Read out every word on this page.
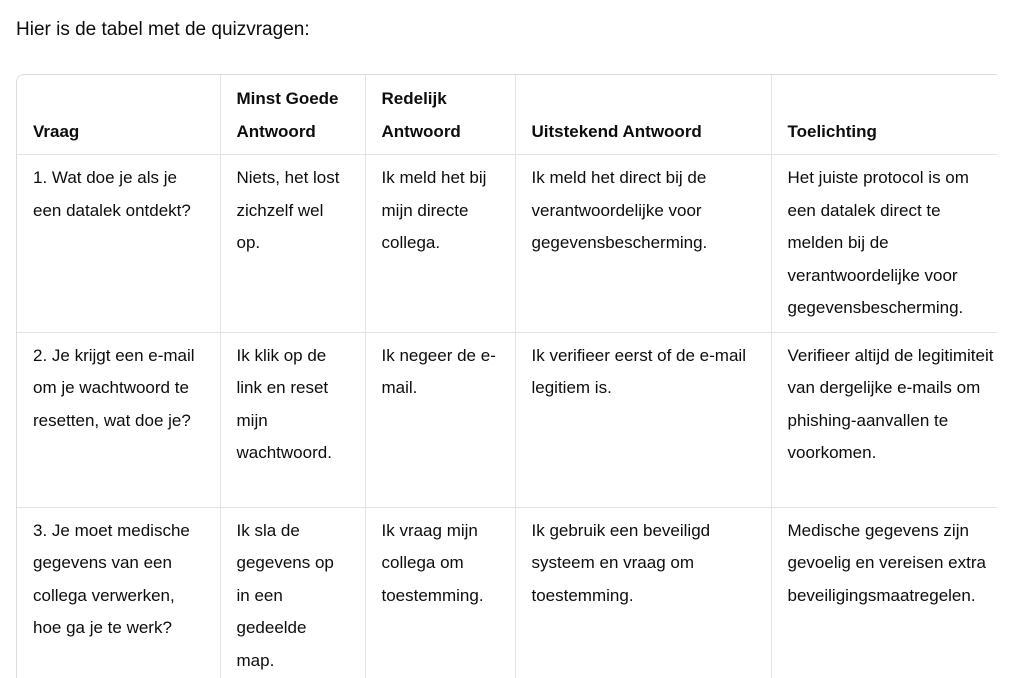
Hier is de tabel met de quizvragen:

Vraag	Minst Goede Antwoord	Redelijk Antwoord	Uitstekend Antwoord	Toelichting
1. Wat doe je als je een datalek ontdekt?	Niets, het lost zichzelf wel op.	Ik meld het bij mijn directe collega.	Ik meld het direct bij de verantwoordelijke voor gegevensbescherming.	Het juiste protocol is om een datalek direct te melden bij de verantwoordelijke voor gegevensbescherming.
2. Je krijgt een e-mail om je wachtwoord te resetten, wat doe je?	Ik klik op de link en reset mijn wachtwoord.	Ik negeer de e-mail.	Ik verifieer eerst of de e-mail legitiem is.	Verifieer altijd de legitimiteit van dergelijke e-mails om phishing-aanvallen te voorkomen.
3. Je moet medische gegevens van een collega verwerken, hoe ga je te werk?	Ik sla de gegevens op in een gedeelde map.	Ik vraag mijn collega om toestemming.	Ik gebruik een beveiligd systeem en vraag om toestemming.	Medische gegevens zijn gevoelig en vereisen extra beveiligingsmaatregelen.
